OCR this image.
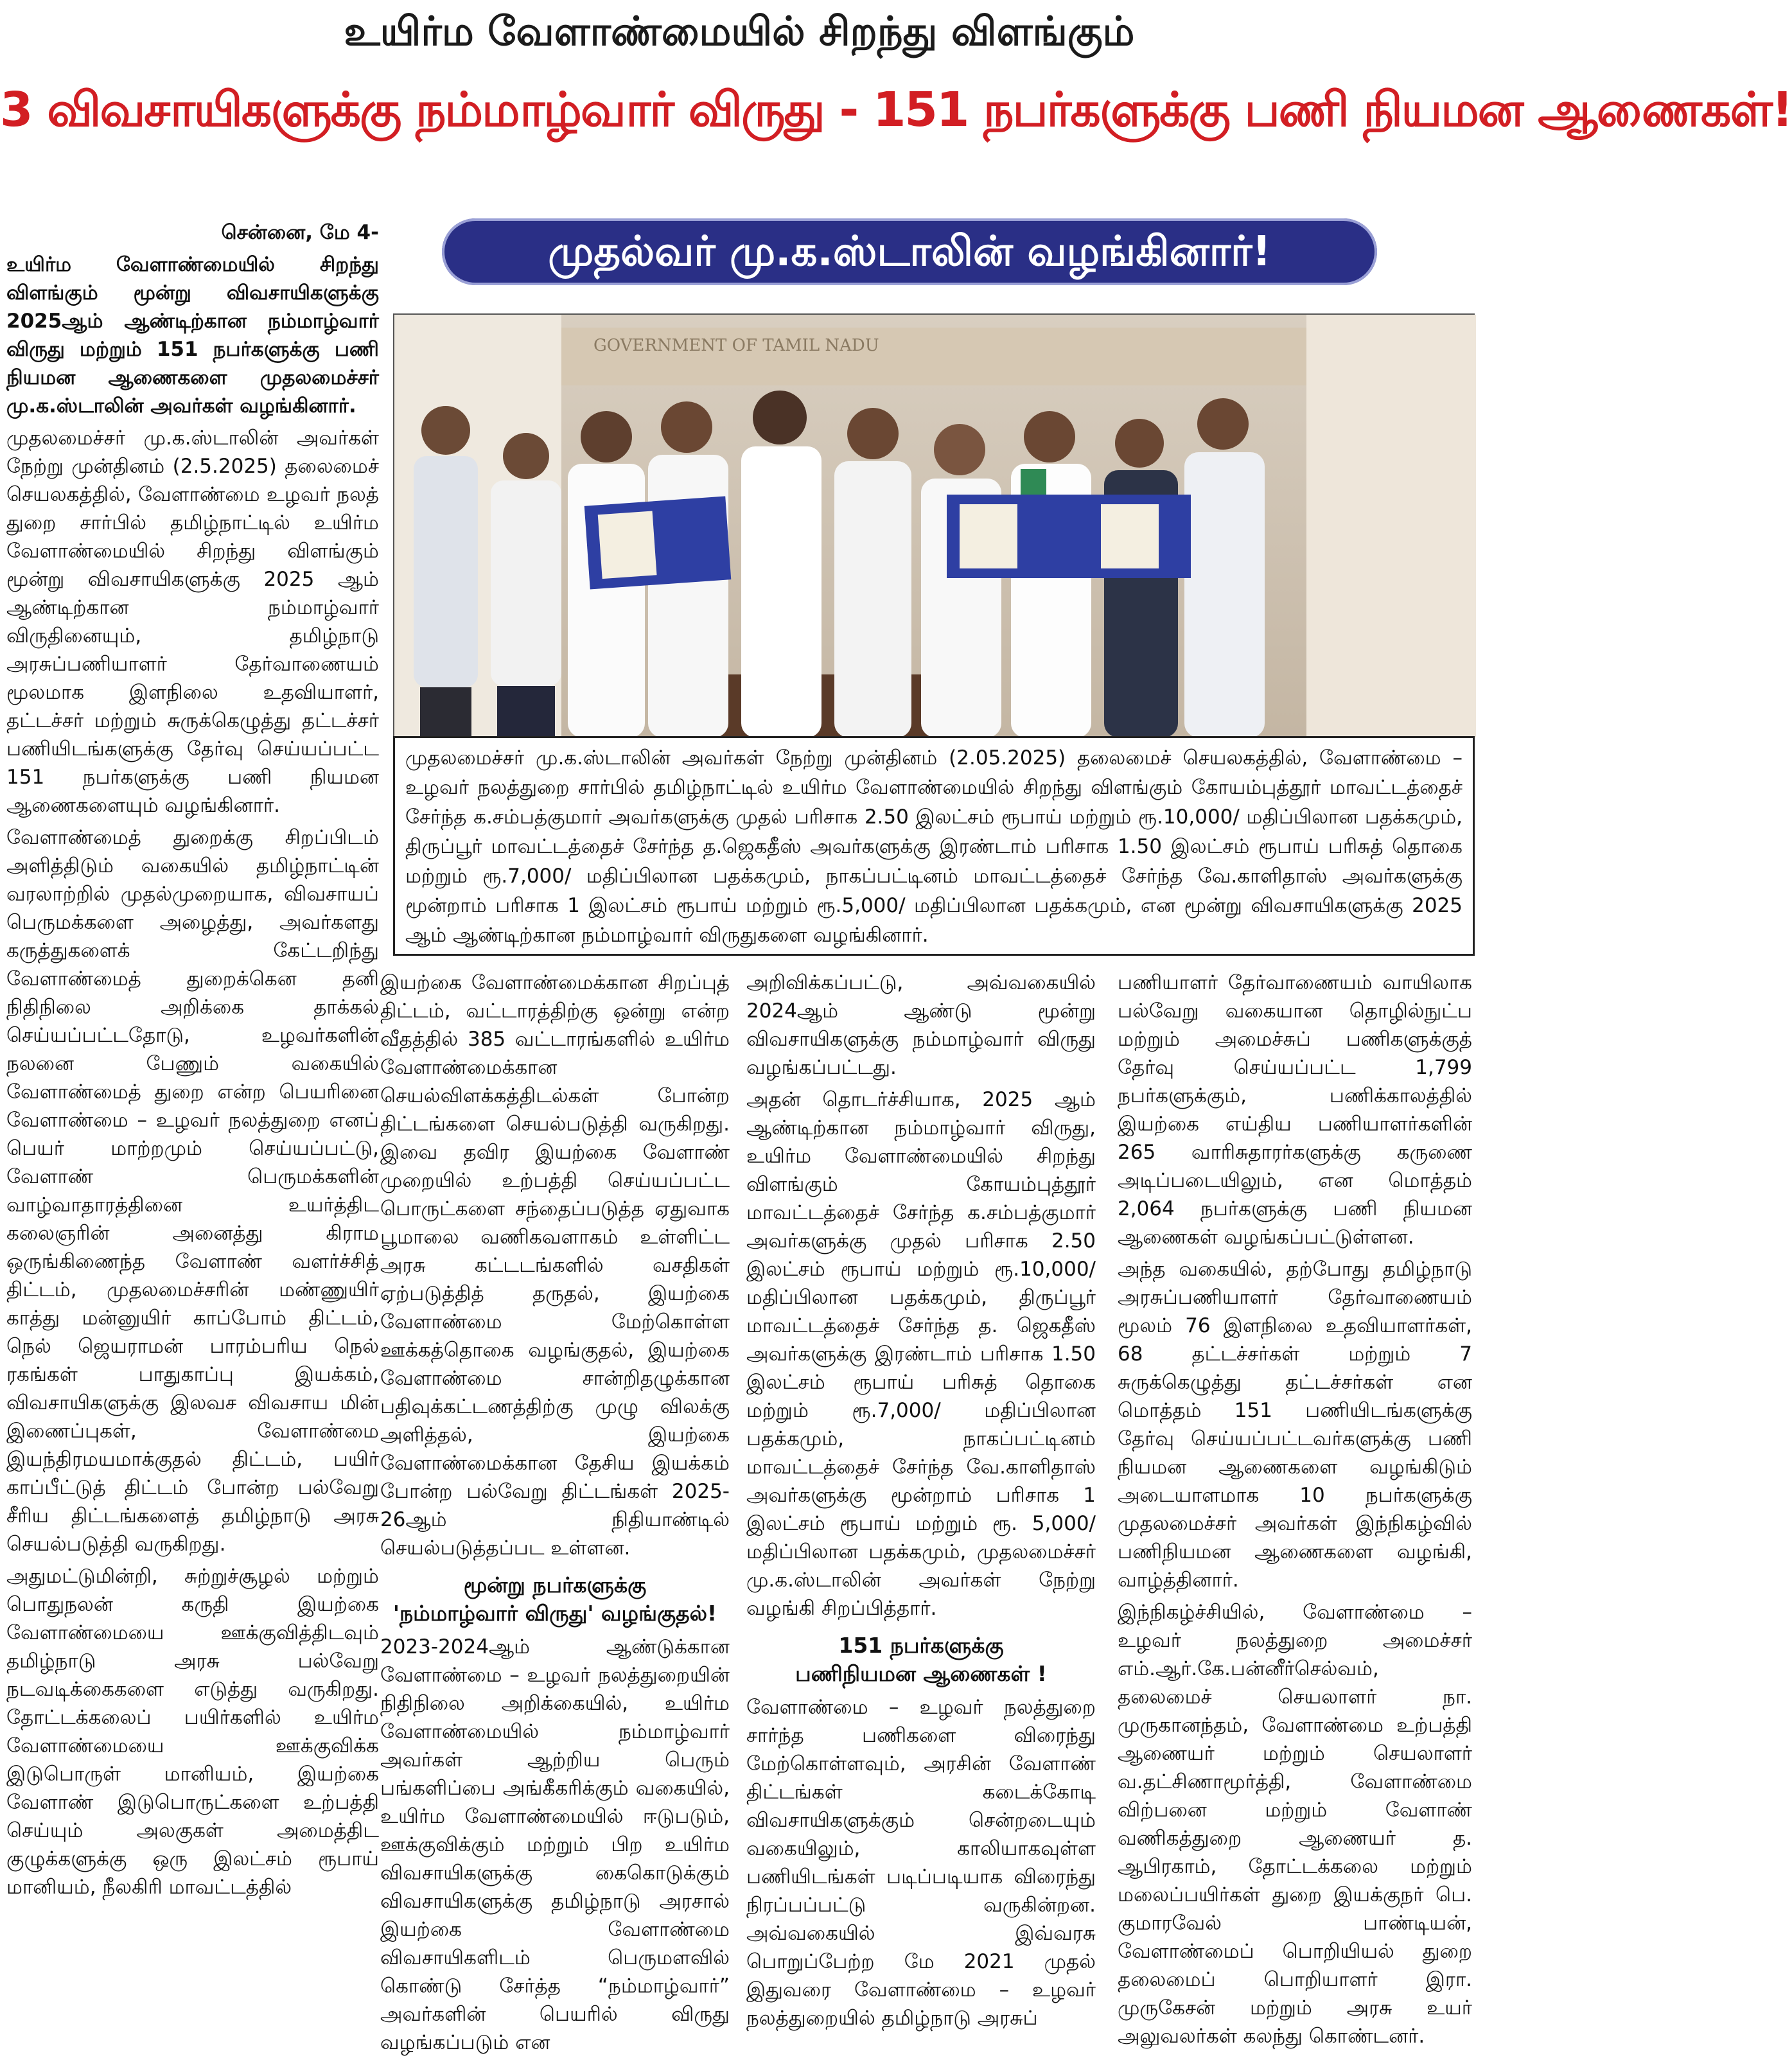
உயிர்ம வேளாண்மையில் சிறந்து விளங்கும்
3 விவசாயிகளுக்கு நம்மாழ்வார் விருது - 151 நபர்களுக்கு பணி நியமன ஆணைகள்!
முதல்வர் மு.க.ஸ்டாலின் வழங்கினார்!

சென்னை, மே 4-

உயிர்ம வேளாண்மையில் சிறந்து விளங்கும் மூன்று விவசாயிகளுக்கு 2025ஆம் ஆண்டிற்கான நம்மாழ்வார் விருது மற்றும் 151 நபர்களுக்கு பணி நியமன ஆணைகளை முதலமைச்சர் மு.க.ஸ்டாலின் அவர்கள் வழங்கினார்.

முதலமைச்சர் மு.க.ஸ்டாலின் அவர்கள் நேற்று முன்தினம் (2.5.2025) தலைமைச் செயலகத்தில், வேளாண்மை உழவர் நலத் துறை சார்பில் தமிழ்நாட்டில் உயிர்ம வேளாண்மையில் சிறந்து விளங்கும் மூன்று விவசாயிகளுக்கு 2025 ஆம் ஆண்டிற்கான நம்மாழ்வார் விருதினையும், தமிழ்நாடு அரசுப்பணியாளர் தேர்வாணையம் மூலமாக இளநிலை உதவியாளர், தட்டச்சர் மற்றும் சுருக்கெழுத்து தட்டச்சர் பணியிடங்களுக்கு தேர்வு செய்யப்பட்ட 151 நபர்களுக்கு பணி நியமன ஆணைகளையும் வழங்கினார்.

வேளாண்மைத் துறைக்கு சிறப்பிடம் அளித்திடும் வகையில் தமிழ்நாட்டின் வரலாற்றில் முதல்முறையாக, விவசாயப் பெருமக்களை அழைத்து, அவர்களது கருத்துகளைக் கேட்டறிந்து வேளாண்மைத் துறைக்கென தனி நிதிநிலை அறிக்கை தாக்கல் செய்யப்பட்டதோடு, உழவர்களின் நலனை பேணும் வகையில் வேளாண்மைத் துறை என்ற பெயரினை வேளாண்மை – உழவர் நலத்துறை எனப் பெயர் மாற்றமும் செய்யப்பட்டு, வேளாண் பெருமக்களின் வாழ்வாதாரத்தினை உயர்த்திட கலைஞரின் அனைத்து கிராம ஒருங்கிணைந்த வேளாண் வளர்ச்சித் திட்டம், முதலமைச்சரின் மண்ணுயிர் காத்து மன்னுயிர் காப்போம் திட்டம், நெல் ஜெயராமன் பாரம்பரிய நெல் ரகங்கள் பாதுகாப்பு இயக்கம், விவசாயிகளுக்கு இலவச விவசாய மின் இணைப்புகள், வேளாண்மை இயந்திரமயமாக்குதல் திட்டம், பயிர் காப்பீட்டுத் திட்டம் போன்ற பல்வேறு சீரிய திட்டங்களைத் தமிழ்நாடு அரசு செயல்படுத்தி வருகிறது.

அதுமட்டுமின்றி, சுற்றுச்சூழல் மற்றும் பொதுநலன் கருதி இயற்கை வேளாண்மையை ஊக்குவித்திடவும் தமிழ்நாடு அரசு பல்வேறு நடவடிக்கைகளை எடுத்து வருகிறது. தோட்டக்கலைப் பயிர்களில் உயிர்ம வேளாண்மையை ஊக்குவிக்க இடுபொருள் மானியம், இயற்கை வேளாண் இடுபொருட்களை உற்பத்தி செய்யும் அலகுகள் அமைத்திட குழுக்களுக்கு ஒரு இலட்சம் ரூபாய் மானியம், நீலகிரி மாவட்டத்தில்

GOVERNMENT OF TAMIL NADU
முதலமைச்சர் மு.க.ஸ்டாலின் அவர்கள் நேற்று முன்தினம் (2.05.2025) தலைமைச் செயலகத்தில், வேளாண்மை – உழவர் நலத்துறை சார்பில் தமிழ்நாட்டில் உயிர்ம வேளாண்மையில் சிறந்து விளங்கும் கோயம்புத்தூர் மாவட்டத்தைச் சேர்ந்த க.சம்பத்குமார் அவர்களுக்கு முதல் பரிசாக 2.50 இலட்சம் ரூபாய் மற்றும் ரூ.10,000/ மதிப்பிலான பதக்கமும், திருப்பூர் மாவட்டத்தைச் சேர்ந்த த.ஜெகதீஸ் அவர்களுக்கு இரண்டாம் பரிசாக 1.50 இலட்சம் ரூபாய் பரிசுத் தொகை மற்றும் ரூ.7,000/ மதிப்பிலான பதக்கமும், நாகப்பட்டினம் மாவட்டத்தைச் சேர்ந்த வே.காளிதாஸ் அவர்களுக்கு மூன்றாம் பரிசாக 1 இலட்சம் ரூபாய் மற்றும் ரூ.5,000/ மதிப்பிலான பதக்கமும், என மூன்று விவசாயிகளுக்கு 2025 ஆம் ஆண்டிற்கான நம்மாழ்வார் விருதுகளை வழங்கினார்.

இயற்கை வேளாண்மைக்கான சிறப்புத் திட்டம், வட்டாரத்திற்கு ஒன்று என்ற வீதத்தில் 385 வட்டாரங்களில் உயிர்ம வேளாண்மைக்கான செயல்விளக்கத்திடல்கள் போன்ற திட்டங்களை செயல்படுத்தி வருகிறது. இவை தவிர இயற்கை வேளாண் முறையில் உற்பத்தி செய்யப்பட்ட பொருட்களை சந்தைப்படுத்த ஏதுவாக பூமாலை வணிகவளாகம் உள்ளிட்ட அரசு கட்டடங்களில் வசதிகள் ஏற்படுத்தித் தருதல், இயற்கை வேளாண்மை மேற்கொள்ள ஊக்கத்தொகை வழங்குதல், இயற்கை வேளாண்மை சான்றிதழுக்கான பதிவுக்கட்டணத்திற்கு முழு விலக்கு அளித்தல், இயற்கை வேளாண்மைக்கான தேசிய இயக்கம் போன்ற பல்வேறு திட்டங்கள் 2025-26ஆம் நிதியாண்டில் செயல்படுத்தப்பட உள்ளன.

மூன்று நபர்களுக்கு
'நம்மாழ்வார் விருது' வழங்குதல்!

2023-2024ஆம் ஆண்டுக்கான வேளாண்மை – உழவர் நலத்துறையின் நிதிநிலை அறிக்கையில், உயிர்ம வேளாண்மையில் நம்மாழ்வார் அவர்கள் ஆற்றிய பெரும் பங்களிப்பை அங்கீகரிக்கும் வகையில், உயிர்ம வேளாண்மையில் ஈடுபடும், ஊக்குவிக்கும் மற்றும் பிற உயிர்ம விவசாயிகளுக்கு கைகொடுக்கும் விவசாயிகளுக்கு தமிழ்நாடு அரசால் இயற்கை வேளாண்மை விவசாயிகளிடம் பெருமளவில் கொண்டு சேர்த்த “நம்மாழ்வார்” அவர்களின் பெயரில் விருது வழங்கப்படும் என

அறிவிக்கப்பட்டு, அவ்வகையில் 2024ஆம் ஆண்டு மூன்று விவசாயிகளுக்கு நம்மாழ்வார் விருது வழங்கப்பட்டது.

அதன் தொடர்ச்சியாக, 2025 ஆம் ஆண்டிற்கான நம்மாழ்வார் விருது, உயிர்ம வேளாண்மையில் சிறந்து விளங்கும் கோயம்புத்தூர் மாவட்டத்தைச் சேர்ந்த க.சம்பத்குமார் அவர்களுக்கு முதல் பரிசாக 2.50 இலட்சம் ரூபாய் மற்றும் ரூ.10,000/மதிப்பிலான பதக்கமும், திருப்பூர் மாவட்டத்தைச் சேர்ந்த த. ஜெகதீஸ் அவர்களுக்கு இரண்டாம் பரிசாக 1.50 இலட்சம் ரூபாய் பரிசுத் தொகை மற்றும் ரூ.7,000/ மதிப்பிலான பதக்கமும், நாகப்பட்டினம் மாவட்டத்தைச் சேர்ந்த வே.காளிதாஸ் அவர்களுக்கு மூன்றாம் பரிசாக 1 இலட்சம் ரூபாய் மற்றும் ரூ. 5,000/ மதிப்பிலான பதக்கமும், முதலமைச்சர் மு.க.ஸ்டாலின் அவர்கள் நேற்று வழங்கி சிறப்பித்தார்.

151 நபர்களுக்கு
பணிநியமன ஆணைகள் !

வேளாண்மை – உழவர் நலத்துறை சார்ந்த பணிகளை விரைந்து மேற்கொள்ளவும், அரசின் வேளாண் திட்டங்கள் கடைக்கோடி விவசாயிகளுக்கும் சென்றடையும் வகையிலும், காலியாகவுள்ள பணியிடங்கள் படிப்படியாக விரைந்து நிரப்பப்பட்டு வருகின்றன. அவ்வகையில் இவ்வரசு பொறுப்பேற்ற மே 2021 முதல் இதுவரை வேளாண்மை – உழவர் நலத்துறையில் தமிழ்நாடு அரசுப்

பணியாளர் தேர்வாணையம் வாயிலாக பல்வேறு வகையான தொழில்நுட்ப மற்றும் அமைச்சுப் பணிகளுக்குத் தேர்வு செய்யப்பட்ட 1,799 நபர்களுக்கும், பணிக்காலத்தில் இயற்கை எய்திய பணியாளர்களின் 265 வாரிசுதாரர்களுக்கு கருணை அடிப்படையிலும், என மொத்தம் 2,064 நபர்களுக்கு பணி நியமன ஆணைகள் வழங்கப்பட்டுள்ளன.

அந்த வகையில், தற்போது தமிழ்நாடு அரசுப்பணியாளர் தேர்வாணையம் மூலம் 76 இளநிலை உதவியாளர்கள், 68 தட்டச்சர்கள் மற்றும் 7 சுருக்கெழுத்து தட்டச்சர்கள் என மொத்தம் 151 பணியிடங்களுக்கு தேர்வு செய்யப்பட்டவர்களுக்கு பணி நியமன ஆணைகளை வழங்கிடும் அடையாளமாக 10 நபர்களுக்கு முதலமைச்சர் அவர்கள் இந்நிகழ்வில் பணிநியமன ஆணைகளை வழங்கி, வாழ்த்தினார்.

இந்நிகழ்ச்சியில், வேளாண்மை – உழவர் நலத்துறை அமைச்சர் எம்.ஆர்.கே.பன்னீர்செல்வம், தலைமைச் செயலாளர் நா. முருகானந்தம், வேளாண்மை உற்பத்தி ஆணையர் மற்றும் செயலாளர் வ.தட்சிணாமூர்த்தி, வேளாண்மை விற்பனை மற்றும் வேளாண் வணிகத்துறை ஆணையர் த. ஆபிரகாம், தோட்டக்கலை மற்றும் மலைப்பயிர்கள் துறை இயக்குநர் பெ. குமாரவேல் பாண்டியன், வேளாண்மைப் பொறியியல் துறை தலைமைப் பொறியாளர் இரா. முருகேசன் மற்றும் அரசு உயர் அலுவலர்கள் கலந்து கொண்டனர்.
